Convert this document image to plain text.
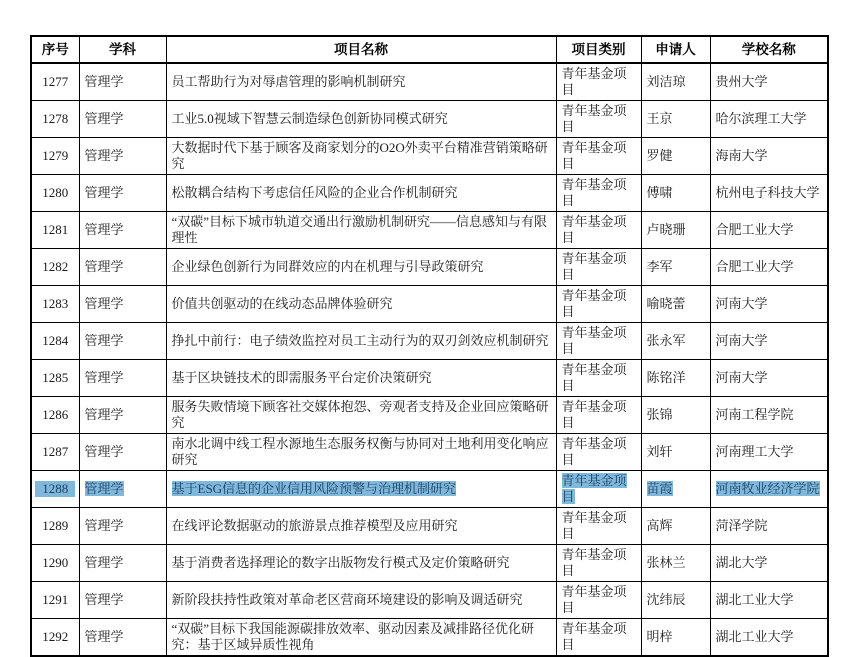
序号	学科	项目名称	项目类别	申请人	学校名称
1277	管理学	员工帮助行为对辱虐管理的影响机制研究	青年基金项目	刘洁琼	贵州大学
1278	管理学	工业5.0视域下智慧云制造绿色创新协同模式研究	青年基金项目	王京	哈尔滨理工大学
1279	管理学	大数据时代下基于顾客及商家划分的O2O外卖平台精准营销策略研究	青年基金项目	罗健	海南大学
1280	管理学	松散耦合结构下考虑信任风险的企业合作机制研究	青年基金项目	傅啸	杭州电子科技大学
1281	管理学	“双碳”目标下城市轨道交通出行激励机制研究——信息感知与有限理性	青年基金项目	卢晓珊	合肥工业大学
1282	管理学	企业绿色创新行为同群效应的内在机理与引导政策研究	青年基金项目	李军	合肥工业大学
1283	管理学	价值共创驱动的在线动态品牌体验研究	青年基金项目	喻晓蕾	河南大学
1284	管理学	挣扎中前行：电子绩效监控对员工主动行为的双刃剑效应机制研究	青年基金项目	张永军	河南大学
1285	管理学	基于区块链技术的即需服务平台定价决策研究	青年基金项目	陈铭洋	河南大学
1286	管理学	服务失败情境下顾客社交媒体抱怨、旁观者支持及企业回应策略研究	青年基金项目	张锦	河南工程学院
1287	管理学	南水北调中线工程水源地生态服务权衡与协同对土地利用变化响应研究	青年基金项目	刘轩	河南理工大学
1288	管理学	基于ESG信息的企业信用风险预警与治理机制研究	青年基金项目	苗霞	河南牧业经济学院
1289	管理学	在线评论数据驱动的旅游景点推荐模型及应用研究	青年基金项目	高辉	菏泽学院
1290	管理学	基于消费者选择理论的数字出版物发行模式及定价策略研究	青年基金项目	张林兰	湖北大学
1291	管理学	新阶段扶持性政策对革命老区营商环境建设的影响及调适研究	青年基金项目	沈纬辰	湖北工业大学
1292	管理学	“双碳”目标下我国能源碳排放效率、驱动因素及减排路径优化研究：基于区域异质性视角	青年基金项目	明梓	湖北工业大学
